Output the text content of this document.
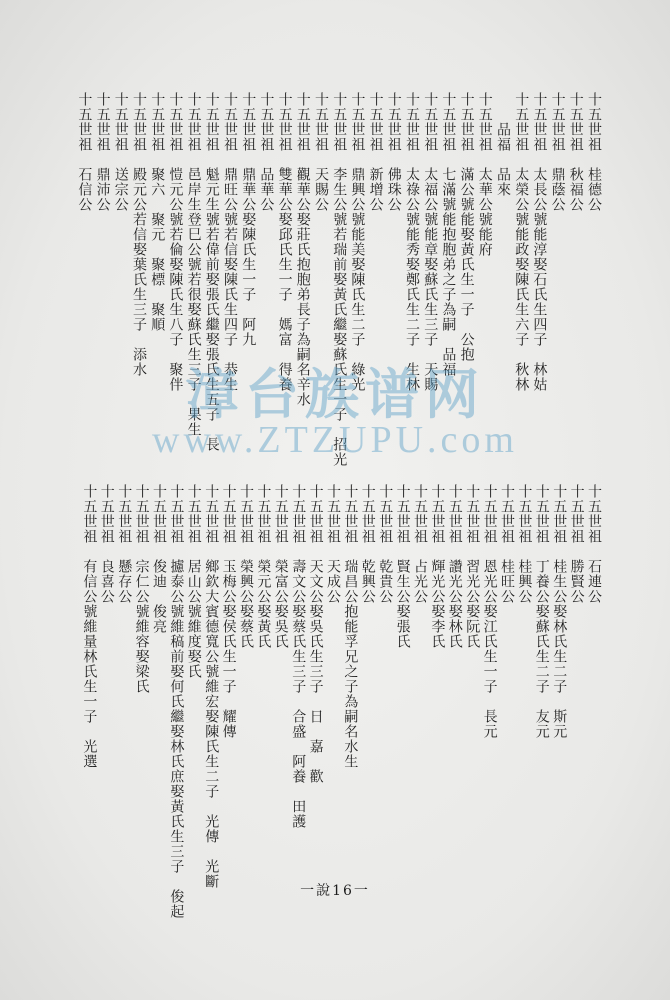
十五世祖　桂德公
十五世祖　秋福公
十五世祖　鼎蔭公
十五世祖　太長公號能淳娶石氏生四子　林姑
十五世祖　太榮公號能政娶陳氏生六子　秋林
　　品福　品來
十五世祖　太華公號能府
十五世祖　滿公號能娶黃氏生一子　公抱
十五世祖　七滿號能抱胞弟之子為嗣　品福
十五世祖　太福公號能章娶蘇氏生三子　天賜
十五世祖　太祿公號能秀娶鄭氏生二子　生林
十五世祖　佛珠公
十五世祖　新增公
十五世祖　鼎興公號能美娶陳氏生二子　綠光
十五世祖　李生公號若瑞前娶黃氏繼娶蘇氏生一子　招光
十五世祖　天賜公
十五世祖　觀華公娶莊氏抱胞弟長子為嗣名辛水
十五世祖　雙華公娶邱氏生一子　媽富　得養
十五世祖　品華公
十五世祖　鼎華公娶陳氏生一子　阿九
十五世祖　鼎旺公號若信娶陳氏生四子　恭生
十五世祖　魁元生號若偉前娶張氏繼娶張氏生五子　長
十五世祖　邑岸生登巳公號若很娶蘇氏生三子　果生
十五世祖　愷元公號若倫娶陳氏生八子　聚伴
十五世祖　聚六　聚元　聚標　聚順
十五世祖　殿元公若信娶葉氏生三子　添水
十五世祖　送宗公
十五世祖　鼎沛公
十五世祖　石信公
十五世祖　石連公
十五世祖　勝賢公
十五世祖　桂生公娶林氏生二子　斯元
十五世祖　丁養公娶蘇氏生二子　友元
十五世祖　桂興公
十五世祖　桂旺公
十五世祖　恩光公娶江氏生一子　長元
十五世祖　習光公娶阮氏
十五世祖　讚光公娶林氏
十五世祖　輝光公娶李氏
十五世祖　占光公
十五世祖　賢生公娶張氏
十五世祖　乾貴公
十五世祖　乾興公
十五世祖　瑞昌公抱能孚兄之子為嗣名水生
十五世祖　天成公
十五世祖　天文公娶吳氏生三子　日　嘉　歡
十五世祖　壽文公娶蔡氏生三子　合盛　阿養　田護
十五世祖　榮富公娶吳氏
十五世祖　榮元公娶黃氏
十五世祖　榮興公娶蔡氏
十五世祖　玉梅公娶侯氏生一子　耀傳
十五世祖　鄉欽大賓德寬公號維宏娶陳氏生二子　光傳　光斷
十五世祖　居山公號維度娶氏
十五世祖　攄泰公號維稿前娶何氏繼娶林氏庶娶黃氏生三子　俊起
十五世祖　俊迪　俊亮
十五世祖　宗仁公號維容娶梁氏
十五世祖　懸存公
十五世祖　良喜公
十五世祖　有信公號維量林氏生一子　光選
漳台族谱网
www.ZTZUPU.com
一說16一
